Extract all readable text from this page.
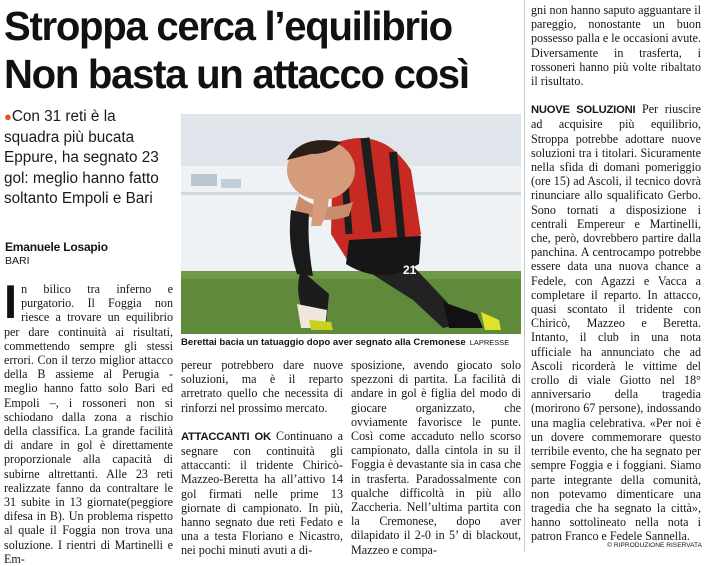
Stroppa cerca l’equilibrio
Non basta un attacco così
●Con 31 reti è la squadra più bucata Eppure, ha segnato 23 gol: meglio hanno fatto soltanto Empoli e Bari
Emanuele Losapio
BARI
21
Berettai bacia un tatuaggio dopo aver segnato alla Cremonese LAPRESSE
I n bilico tra inferno e purgatorio. Il Foggia non riesce a trovare un equilibrio per dare continuità ai risultati, commettendo sempre gli stessi errori. Con il terzo miglior attacco della B assieme al Perugia - meglio hanno fatto solo Bari ed Empoli –, i rossoneri non si schiodano dalla zona a rischio della classifica. La grande facilità di andare in gol è direttamente proporzionale alla capacità di subirne altrettanti. Alle 23 reti realizzate fanno da contraltare le 31 subite in 13 giornate(peggiore difesa in B). Un problema rispetto al quale il Foggia non trova una soluzione. I rientri di Martinelli e Em-

pereur potrebbero dare nuove soluzioni, ma è il reparto arretrato quello che necessita di rinforzi nel prossimo mercato.

ATTACCANTI OK Continuano a segnare con continuità gli attaccanti: il tridente Chiricò-Mazzeo-Beretta ha all’attivo 14 gol firmati nelle prime 13 giornate di campionato. In più, hanno segnato due reti Fedato e una a testa Floriano e Nicastro, nei pochi minuti avuti a di-

sposizione, avendo giocato solo spezzoni di partita. La facilità di andare in gol è figlia del modo di giocare organizzato, che ovviamente favorisce le punte. Così come accaduto nello scorso campionato, dalla cintola in su il Foggia è devastante sia in casa che in trasferta. Paradossalmente con qualche difficoltà in più allo Zaccheria. Nell’ultima partita con la Cremonese, dopo aver dilapidato il 2-0 in 5’ di blackout, Mazzeo e compa-

gni non hanno saputo agguantare il pareggio, nonostante un buon possesso palla e le occasioni avute. Diversamente in trasferta, i rossoneri hanno più volte ribaltato il risultato.

NUOVE SOLUZIONI Per riuscire ad acquisire più equilibrio, Stroppa potrebbe adottare nuove soluzioni tra i titolari. Sicuramente nella sfida di domani pomeriggio (ore 15) ad Ascoli, il tecnico dovrà rinunciare allo squalificato Gerbo. Sono tornati a disposizione i centrali Empereur e Martinelli, che, però, dovrebbero partire dalla panchina. A centrocampo potrebbe essere data una nuova chance a Fedele, con Agazzi e Vacca a completare il reparto. In attacco, quasi scontato il tridente con Chiricò, Mazzeo e Beretta. Intanto, il club in una nota ufficiale ha annunciato che ad Ascoli ricorderà le vittime del crollo di viale Giotto nel 18° anniversario della tragedia (morirono 67 persone), indossando una maglia celebrativa. «Per noi è un dovere commemorare questo terribile evento, che ha segnato per sempre Foggia e i foggiani. Siamo parte integrante della comunità, non potevamo dimenticare una tragedia che ha segnato la città», hanno sottolineato nella nota i patron Franco e Fedele Sannella.

© RIPRODUZIONE RISERVATA
